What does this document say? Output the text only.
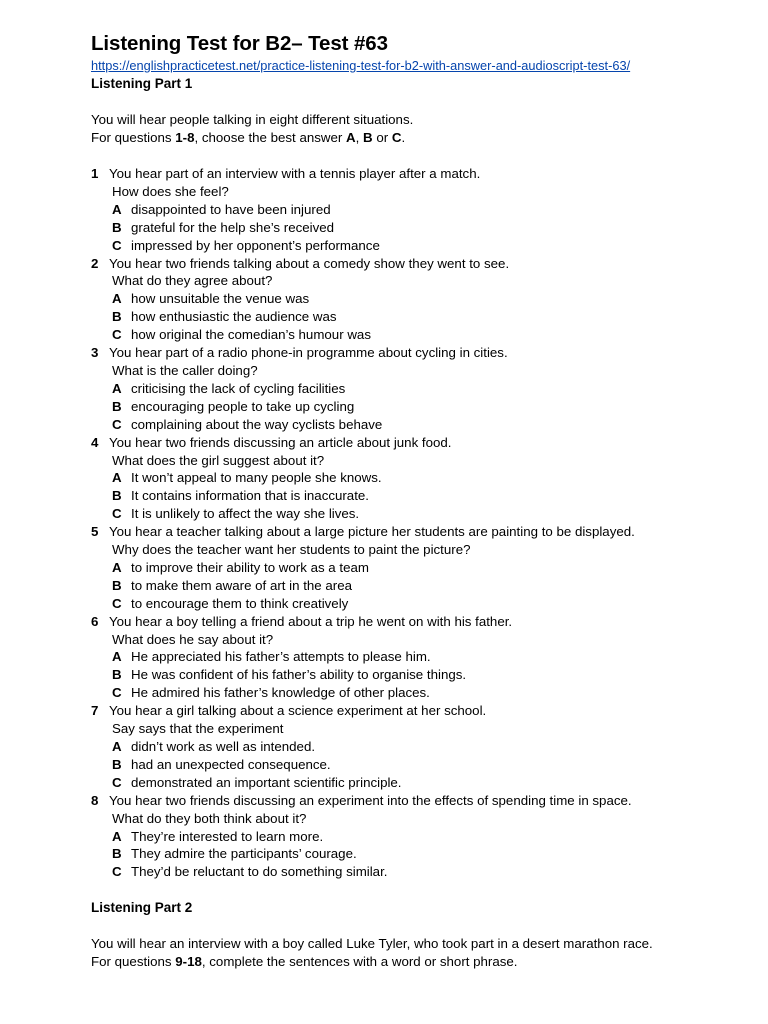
Listening Test for B2– Test #63
https://englishpracticetest.net/practice-listening-test-for-b2-with-answer-and-audioscript-test-63/
Listening Part 1
You will hear people talking in eight different situations.
For questions 1-8, choose the best answer A, B or C.
1 You hear part of an interview with a tennis player after a match.
How does she feel?
A disappointed to have been injured
B grateful for the help she’s received
C impressed by her opponent’s performance
2 You hear two friends talking about a comedy show they went to see.
What do they agree about?
A how unsuitable the venue was
B how enthusiastic the audience was
C how original the comedian’s humour was
3 You hear part of a radio phone-in programme about cycling in cities.
What is the caller doing?
A criticising the lack of cycling facilities
B encouraging people to take up cycling
C complaining about the way cyclists behave
4 You hear two friends discussing an article about junk food.
What does the girl suggest about it?
A It won’t appeal to many people she knows.
B It contains information that is inaccurate.
C It is unlikely to affect the way she lives.
5 You hear a teacher talking about a large picture her students are painting to be displayed.
Why does the teacher want her students to paint the picture?
A to improve their ability to work as a team
B to make them aware of art in the area
C to encourage them to think creatively
6 You hear a boy telling a friend about a trip he went on with his father.
What does he say about it?
A He appreciated his father’s attempts to please him.
B He was confident of his father’s ability to organise things.
C He admired his father’s knowledge of other places.
7 You hear a girl talking about a science experiment at her school.
Say says that the experiment
A didn’t work as well as intended.
B had an unexpected consequence.
C demonstrated an important scientific principle.
8 You hear two friends discussing an experiment into the effects of spending time in space.
What do they both think about it?
A They’re interested to learn more.
B They admire the participants’ courage.
C They’d be reluctant to do something similar.
Listening Part 2
You will hear an interview with a boy called Luke Tyler, who took part in a desert marathon race.
For questions 9-18, complete the sentences with a word or short phrase.
